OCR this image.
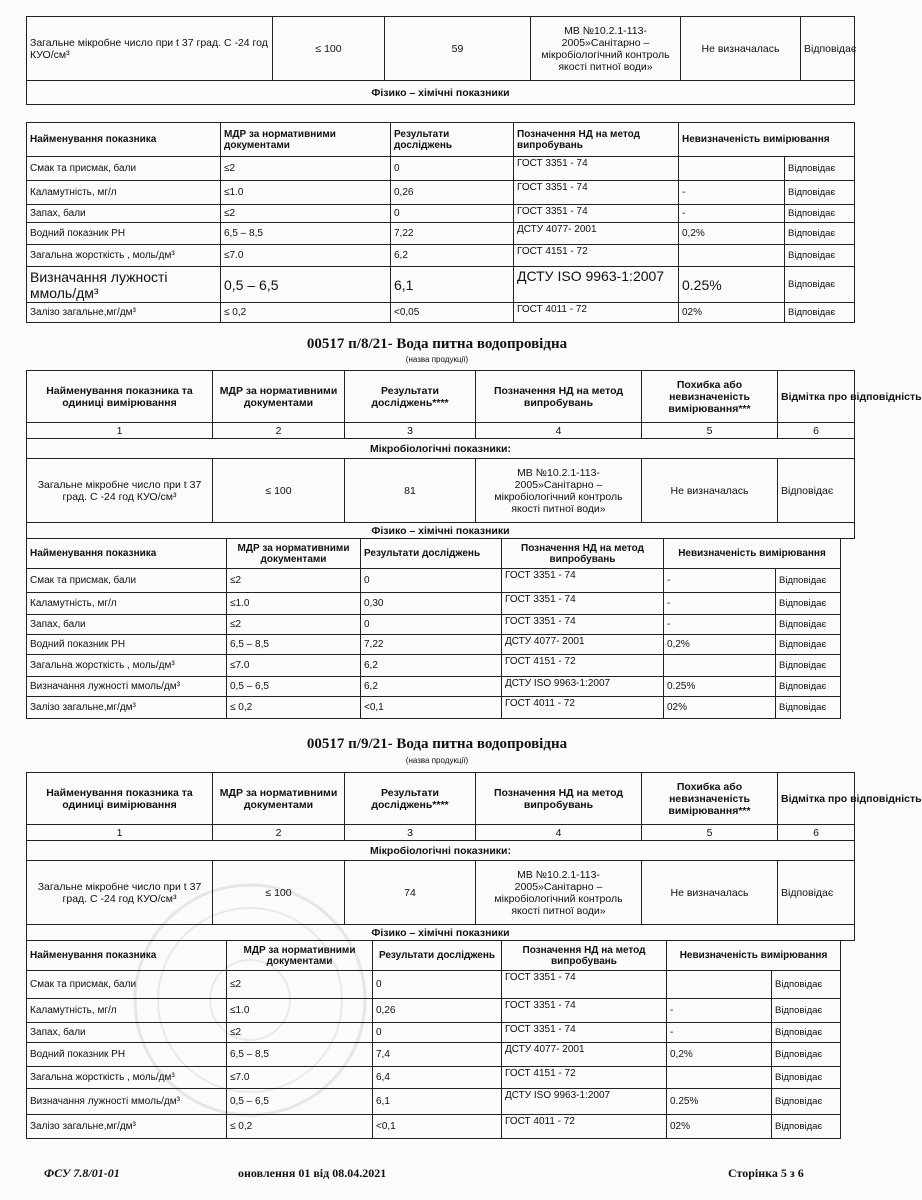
Загальне мікробне число при t 37 град. С -24 год КУО/см³	≤ 100	59	МВ №10.2.1-113-2005»Санітарно – мікробіологічний контроль якості питної води»	Не визначалась	Відповідає
Фізико – хімічні показники
Найменування показника	МДР за нормативними документами	Результати досліджень	Позначення НД на метод випробувань	Невизначеність вимірювання	
Смак та присмак, бали	≤2	0	ГОСТ 3351 - 74		Відповідає
Каламутність, мг/л	≤1.0	0,26	ГОСТ 3351 - 74	-	Відповідає
Запах, бали	≤2	0	ГОСТ 3351 - 74	-	Відповідає
Водний показник РН	6,5 – 8,5	7,22	ДСТУ 4077- 2001	0,2%	Відповідає
Загальна жорсткість , моль/дм³	≤7.0	6,2	ГОСТ 4151 - 72		Відповідає
Визначання лужності ммоль/дм³	0,5 – 6,5	6,1	ДСТУ ISO 9963-1:2007	0.25%	Відповідає
Залізо загальне,мг/дм³	≤ 0,2	<0,05	ГОСТ 4011 - 72	02%	Відповідає
00517 п/8/21- Вода питна водопровідна
(назва продукції)
Найменування показника та одиниці вимірювання	МДР за нормативними документами	Результати досліджень****	Позначення НД на метод випробувань	Похибка або невизначеність вимірювання***	Відмітка про відповідність
1	2	3	4	5	6
Мікробіологічні показники:					
Загальне мікробне число при t 37 град. С -24 год КУО/см³	≤ 100	81	МВ №10.2.1-113-2005»Санітарно – мікробіологічний контроль якості питної води»	Не визначалась	Відповідає
Фізико – хімічні показники					
Найменування показника	МДР за нормативними документами	Результати досліджень	Позначення НД на метод випробувань	Невизначеність вимірювання	
Смак та присмак, бали	≤2	0	ГОСТ 3351 - 74	-	Відповідає
Каламутність, мг/л	≤1.0	0,30	ГОСТ 3351 - 74	-	Відповідає
Запах, бали	≤2	0	ГОСТ 3351 - 74	-	Відповідає
Водний показник РН	6,5 – 8,5	7,22	ДСТУ 4077- 2001	0,2%	Відповідає
Загальна жорсткість , моль/дм³	≤7.0	6,2	ГОСТ 4151 - 72		Відповідає
Визначання лужності ммоль/дм³	0,5 – 6,5	6,2	ДСТУ ISO 9963-1:2007	0.25%	Відповідає
Залізо загальне,мг/дм³	≤ 0,2	<0,1	ГОСТ 4011 - 72	02%	Відповідає
00517 п/9/21- Вода питна водопровідна
(назва продукції)
Найменування показника та одиниці вимірювання	МДР за нормативними документами	Результати досліджень****	Позначення НД на метод випробувань	Похибка або невизначеність вимірювання***	Відмітка про відповідність
1	2	3	4	5	6
Мікробіологічні показники:					
Загальне мікробне число при t 37 град. С -24 год КУО/см³	≤ 100	74	МВ №10.2.1-113-2005»Санітарно – мікробіологічний контроль якості питної води»	Не визначалась	Відповідає
Фізико – хімічні показники					
Найменування показника	МДР за нормативними документами	Результати досліджень	Позначення НД на метод випробувань	Невизначеність вимірювання	
Смак та присмак, бали	≤2	0	ГОСТ 3351 - 74		Відповідає
Каламутність, мг/л	≤1.0	0,26	ГОСТ 3351 - 74	-	Відповідає
Запах, бали	≤2	0	ГОСТ 3351 - 74	-	Відповідає
Водний показник РН	6,5 – 8,5	7,4	ДСТУ 4077- 2001	0,2%	Відповідає
Загальна жорсткість , моль/дм³	≤7.0	6,4	ГОСТ 4151 - 72		Відповідає
Визначання лужності ммоль/дм³	0,5 – 6,5	6,1	ДСТУ ISO 9963-1:2007	0.25%	Відповідає
Залізо загальне,мг/дм³	≤ 0,2	<0,1	ГОСТ 4011 - 72	02%	Відповідає
ФСУ 7.8/01-01	оновлення 01 від 08.04.2021	Сторінка 5 з 6
